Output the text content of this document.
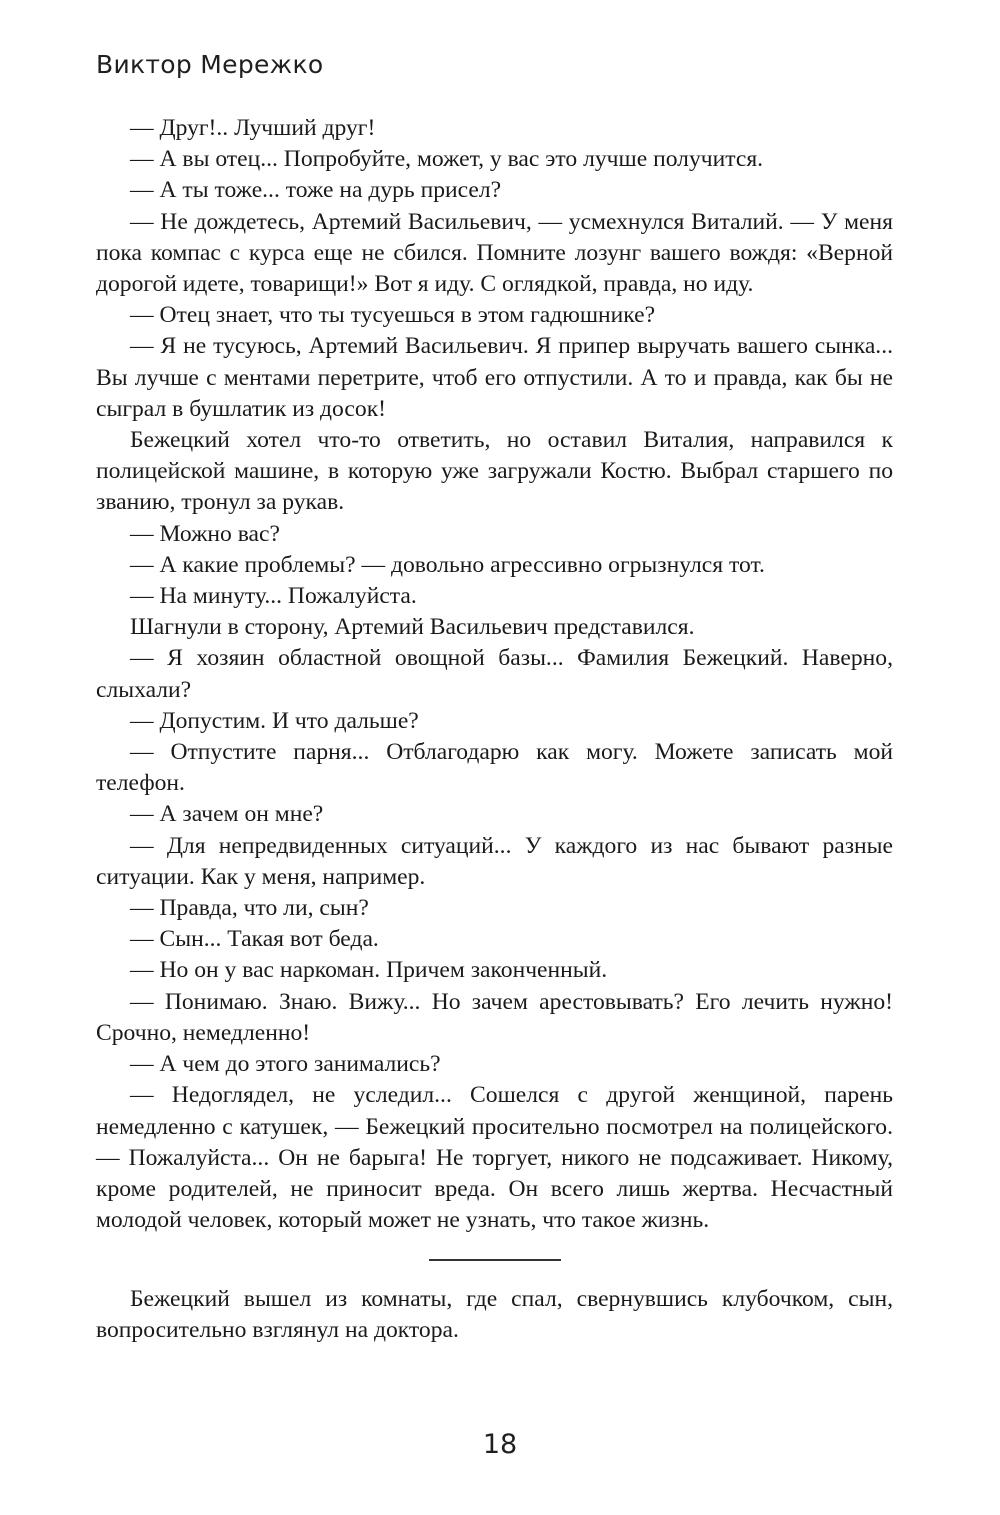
Виктор Мережко

— Друг!.. Лучший друг!

— А вы отец... Попробуйте, может, у вас это лучше получится.

— А ты тоже... тоже на дурь присел?

— Не дождетесь, Артемий Васильевич, — усмехнулся Виталий. — У меня пока компас с курса еще не сбился. Помните лозунг вашего вождя: «Верной дорогой идете, товарищи!» Вот я иду. С оглядкой, правда, но иду.

— Отец знает, что ты тусуешься в этом гадюшнике?

— Я не тусуюсь, Артемий Васильевич. Я припер выручать вашего сынка... Вы лучше с ментами перетрите, чтоб его отпустили. А то и правда, как бы не сыграл в бушлатик из досок!

Бежецкий хотел что-то ответить, но оставил Виталия, направился к полицейской машине, в которую уже загружали Костю. Выбрал старшего по званию, тронул за рукав.

— Можно вас?

— А какие проблемы? — довольно агрессивно огрызнулся тот.

— На минуту... Пожалуйста.

Шагнули в сторону, Артемий Васильевич представился.

— Я хозяин областной овощной базы... Фамилия Бежецкий. Наверно, слыхали?

— Допустим. И что дальше?

— Отпустите парня... Отблагодарю как могу. Можете записать мой телефон.

— А зачем он мне?

— Для непредвиденных ситуаций... У каждого из нас бывают разные ситуации. Как у меня, например.

— Правда, что ли, сын?

— Сын... Такая вот беда.

— Но он у вас наркоман. Причем законченный.

— Понимаю. Знаю. Вижу... Но зачем арестовывать? Его лечить нужно! Срочно, немедленно!

— А чем до этого занимались?

— Недоглядел, не уследил... Сошелся с другой женщиной, парень немедленно с катушек, — Бежецкий просительно посмотрел на полицейского. — Пожалуйста... Он не барыга! Не торгует, никого не подсаживает. Никому, кроме родителей, не приносит вреда. Он всего лишь жертва. Несчастный молодой человек, который может не узнать, что такое жизнь.

Бежецкий вышел из комнаты, где спал, свернувшись клубочком, сын, вопросительно взглянул на доктора.

18
